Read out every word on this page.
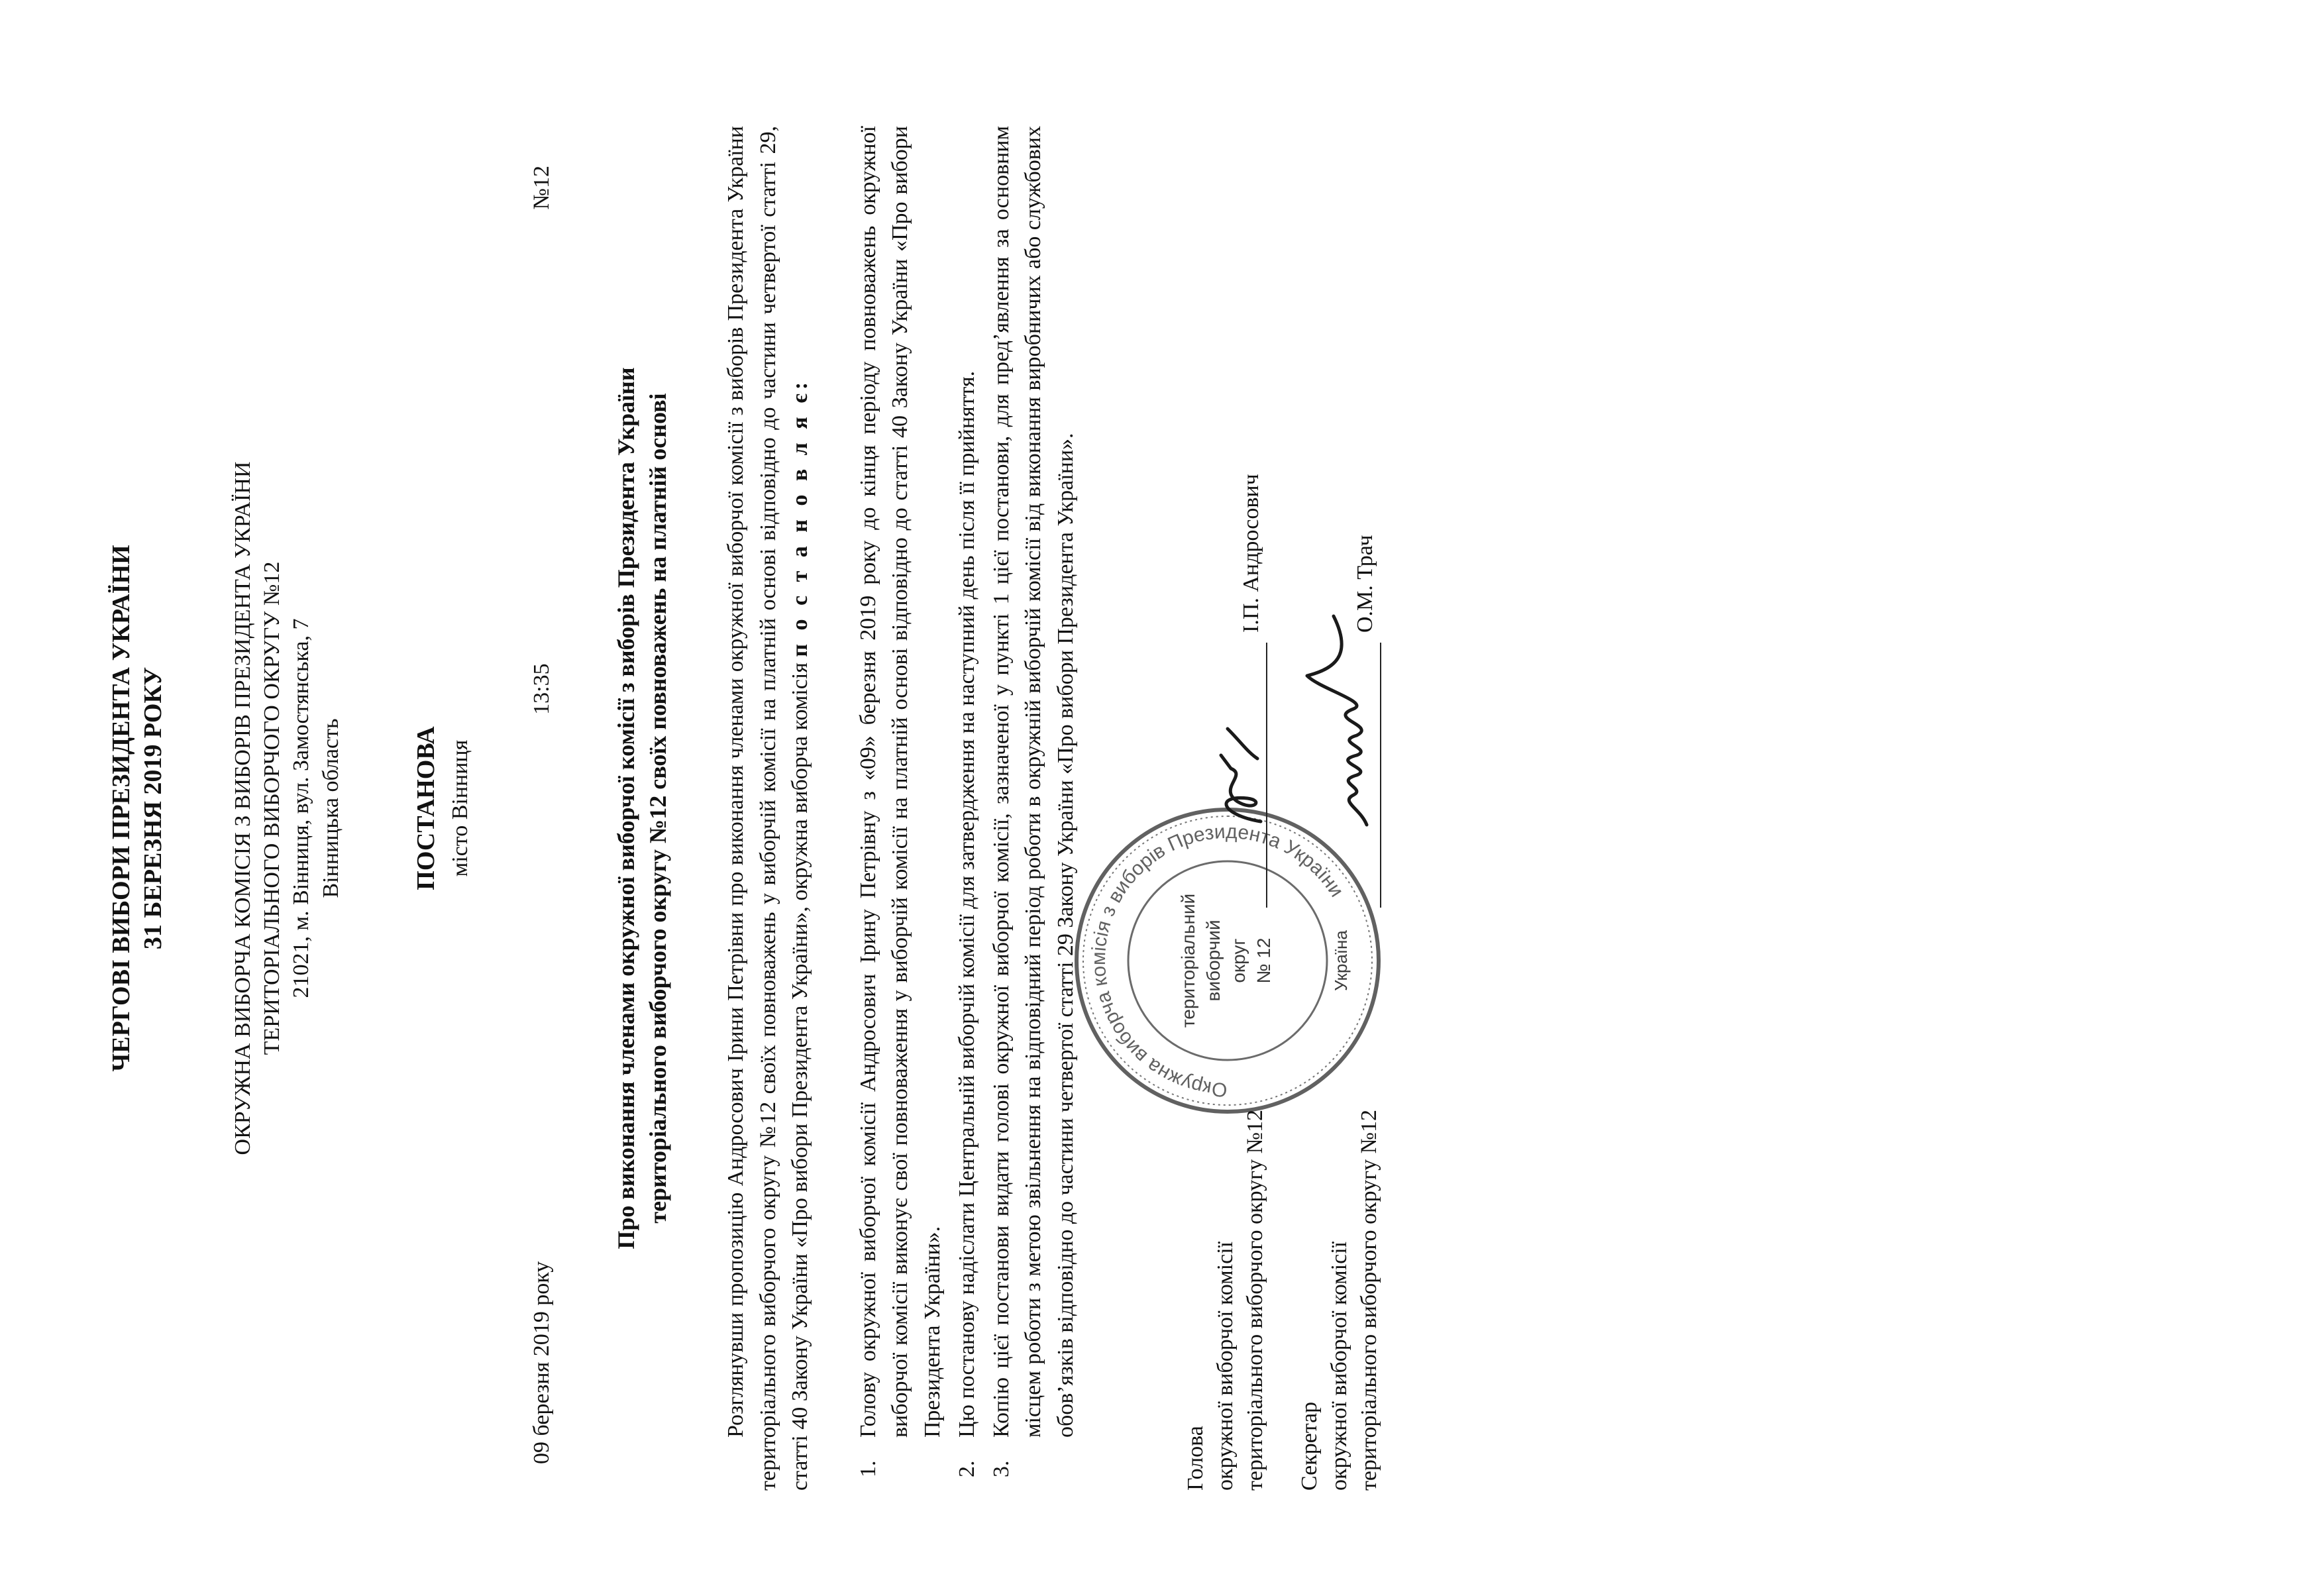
ЧЕРГОВІ ВИБОРИ ПРЕЗИДЕНТА УКРАЇНИ 31 БЕРЕЗНЯ 2019 РОКУ	ОКРУЖНА ВИБОРЧА КОМІСІЯ З ВИБОРІВ ПРЕЗИДЕНТА УКРАЇНИ ТЕРИТОРІАЛЬНОГО ВИБОРЧОГО ОКРУГУ №12 21021, м. Вінниця, вул. Замостянська, 7 Вінницька область	ПОСТАНОВА місто Вінниця
09 березня 2019 року
13:35
№12
Про виконання членами окружної виборчої комісії з виборів Президента України територіального виборчого округу №12 своїх повноважень на платній основі Розглянувши пропозицію Андросович Ірини Петрівни про виконання членами окружної виборчої комісії з виборів Президента України територіального виборчого округу №12 своїх повноважень у виборчій комісії на платній основі відповідно до частини четвертої статті 29, статті 40 Закону України «Про вибори Президента України», окружна виборча комісія п о с т а н о в л я є:
1.
Голову окружної виборчої комісії Андросович Ірину Петрівну з «09» березня 2019 року до кінця періоду повноважень окружної виборчої комісії виконує свої повноваження у виборчій комісії на платній основі відповідно до статті 40 Закону України «Про вибори Президента України».
2.
Цю постанову надіслати Центральній виборчій комісії для затвердження на наступний день після її прийняття.
3.
Копію цієї постанови видати голові окружної виборчої комісії, зазначеної у пункті 1 цієї постанови, для пред’явлення за основним місцем роботи з метою звільнення на відповідний період роботи в окружній виборчій комісії від виконання виробничих або службових обов’язків відповідно до частини четвертої статті 29 Закону України «Про вибори Президента України».	Окружна виборча комісія з виборів Президента України
територіальний виборчий округ № 12	Україна
Голова окружної виборчої комісії територіального виборчого округу №12
І.П. Андросович
Секретар окружної виборчої комісії територіального виборчого округу №12
О.М. Трач
